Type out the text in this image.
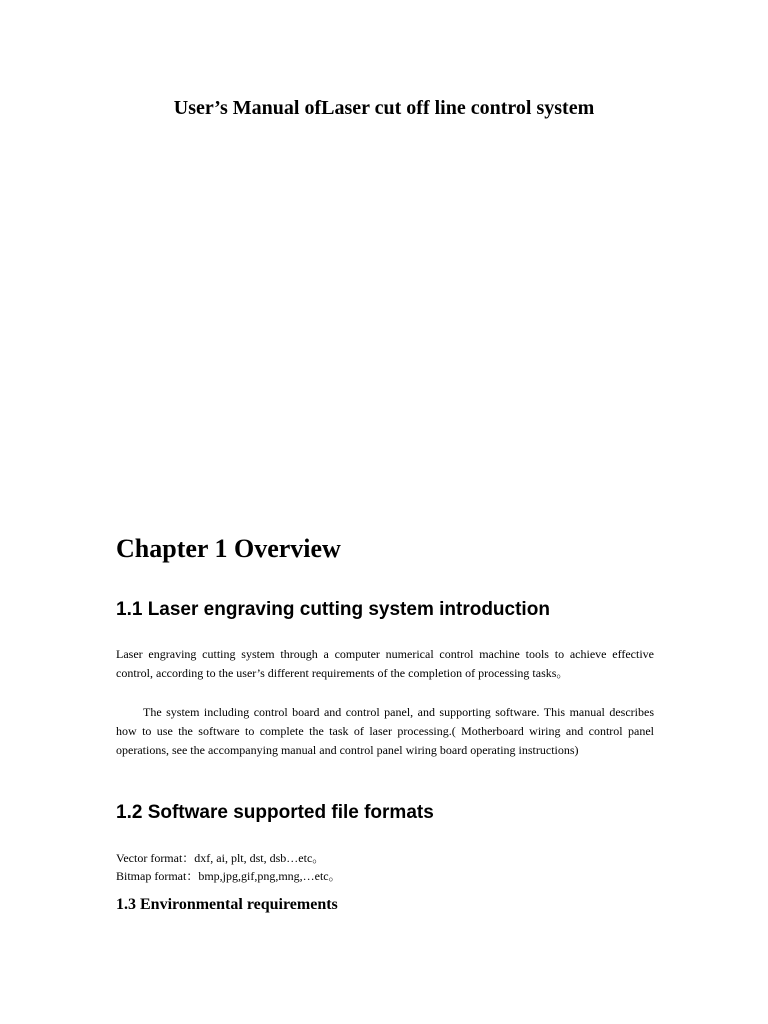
User’s Manual ofLaser cut off line control system
Chapter 1 Overview
1.1 Laser engraving cutting system introduction

Laser engraving cutting system through a computer numerical control machine tools to achieve effective control, according to the user’s different requirements of the completion of processing tasks。

The system including control board and control panel, and supporting software. This manual describes how to use the software to complete the task of laser processing.( Motherboard wiring and control panel operations, see the accompanying manual and control panel wiring board operating instructions)

1.2 Software supported file formats

Vector format：dxf, ai, plt, dst, dsb…etc。

Bitmap format：bmp,jpg,gif,png,mng,…etc。

1.3 Environmental requirements
